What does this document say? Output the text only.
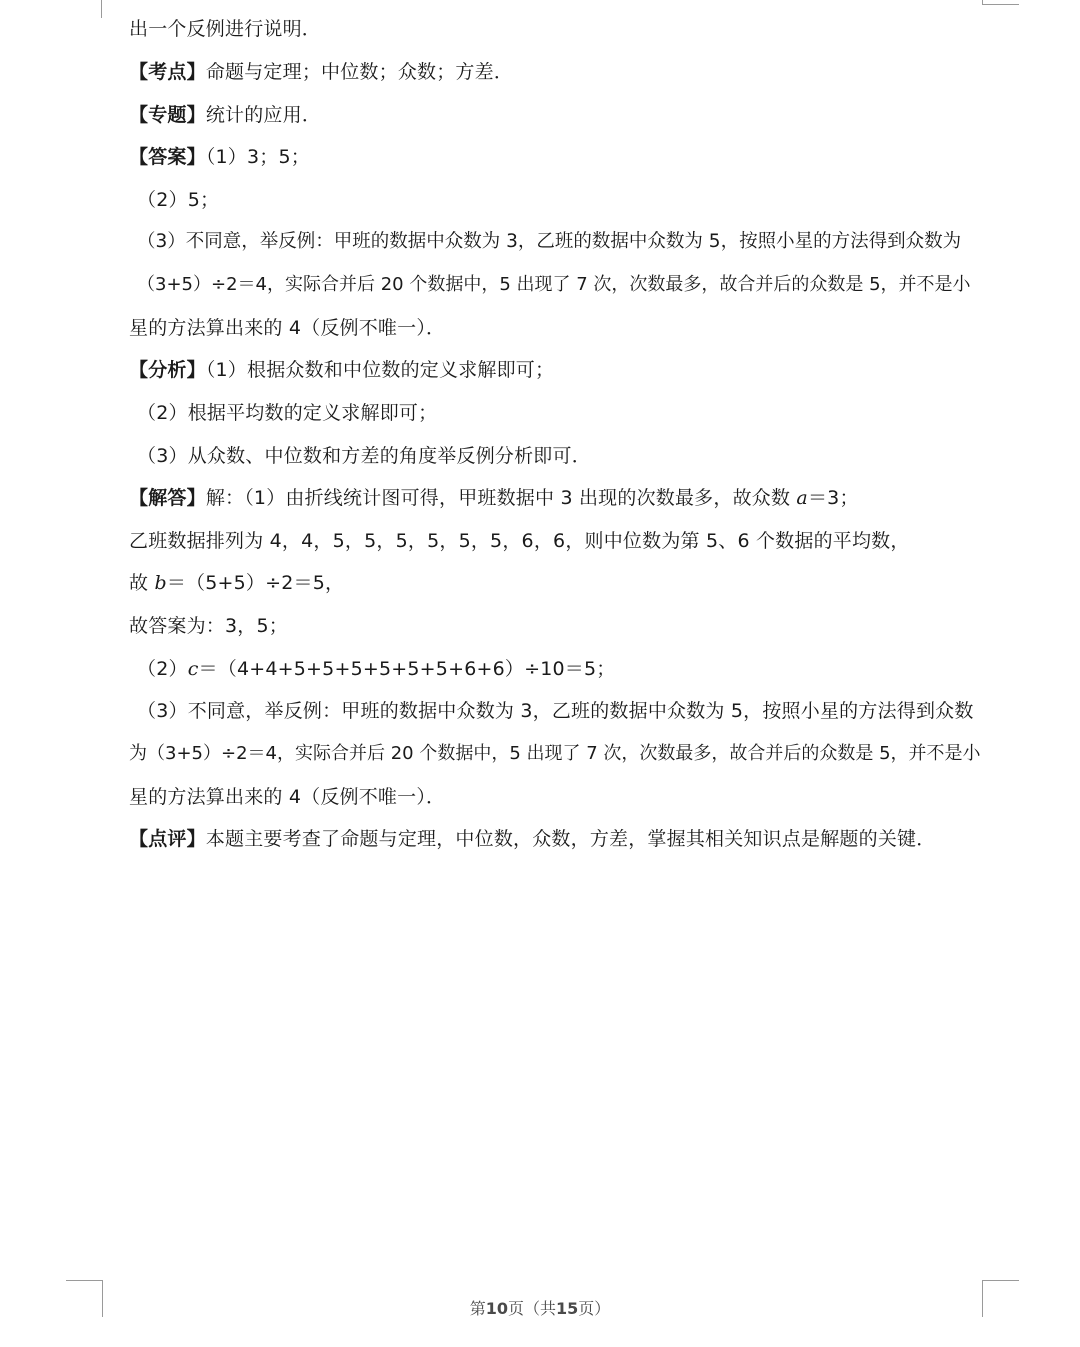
出一个反例进行说明．
【考点】命题与定理；中位数；众数；方差．
【专题】统计的应用．
【答案】（1）3；5；
（2）5；
（3）不同意，举反例：甲班的数据中众数为 3，乙班的数据中众数为 5，按照小星的方法得到众数为
（3+5）÷2＝4，实际合并后 20 个数据中，5 出现了 7 次，次数最多，故合并后的众数是 5，并不是小
星的方法算出来的 4（反例不唯一）．
【分析】（1）根据众数和中位数的定义求解即可；
（2）根据平均数的定义求解即可；
（3）从众数、中位数和方差的角度举反例分析即可．
【解答】解：（1）由折线统计图可得，甲班数据中 3 出现的次数最多，故众数 a＝3；
乙班数据排列为 4，4，5，5，5，5，5，5，6，6，则中位数为第 5、6 个数据的平均数，
故 b＝（5+5）÷2＝5，
故答案为：3，5；
（2）c＝（4+4+5+5+5+5+5+5+6+6）÷10＝5；
（3）不同意，举反例：甲班的数据中众数为 3，乙班的数据中众数为 5，按照小星的方法得到众数
为（3+5）÷2＝4，实际合并后 20 个数据中，5 出现了 7 次，次数最多，故合并后的众数是 5，并不是小
星的方法算出来的 4（反例不唯一）．
【点评】本题主要考查了命题与定理，中位数，众数，方差，掌握其相关知识点是解题的关键．
第10页（共15页）
